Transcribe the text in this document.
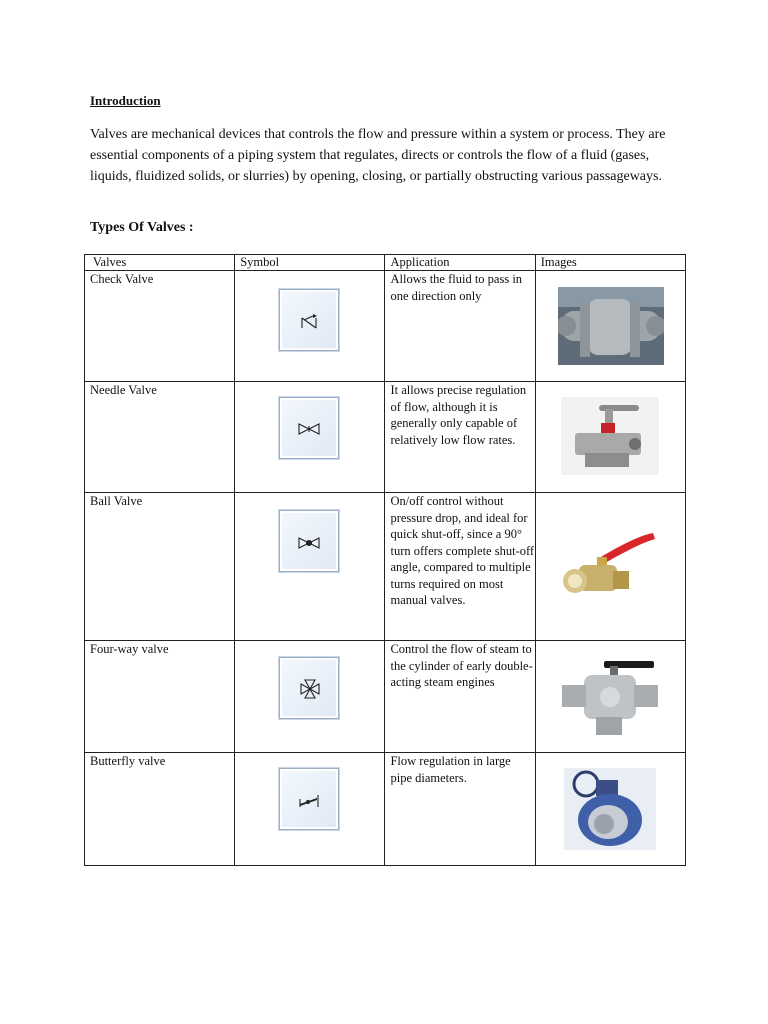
Introduction
Valves are mechanical devices that controls the flow and pressure within a system or process. They are essential components of a piping system that regulates, directs or controls the flow of a fluid (gases, liquids, fluidized solids, or slurries) by opening, closing, or partially obstructing various passageways.
Types Of Valves :
Valves	Symbol	Application	Images
Check Valve		Allows the fluid to pass in one direction only	

Needle Valve		It allows precise regulation of flow, although it is generally only capable of relatively low flow rates.	

Ball Valve		On/off control without pressure drop, and ideal for quick shut-off, since a 90° turn offers complete shut-off angle, compared to multiple turns required on most manual valves.	

Four-way valve		Control the flow of steam to the cylinder of early double-acting steam engines	

Butterfly valve		Flow regulation in large pipe diameters.	
